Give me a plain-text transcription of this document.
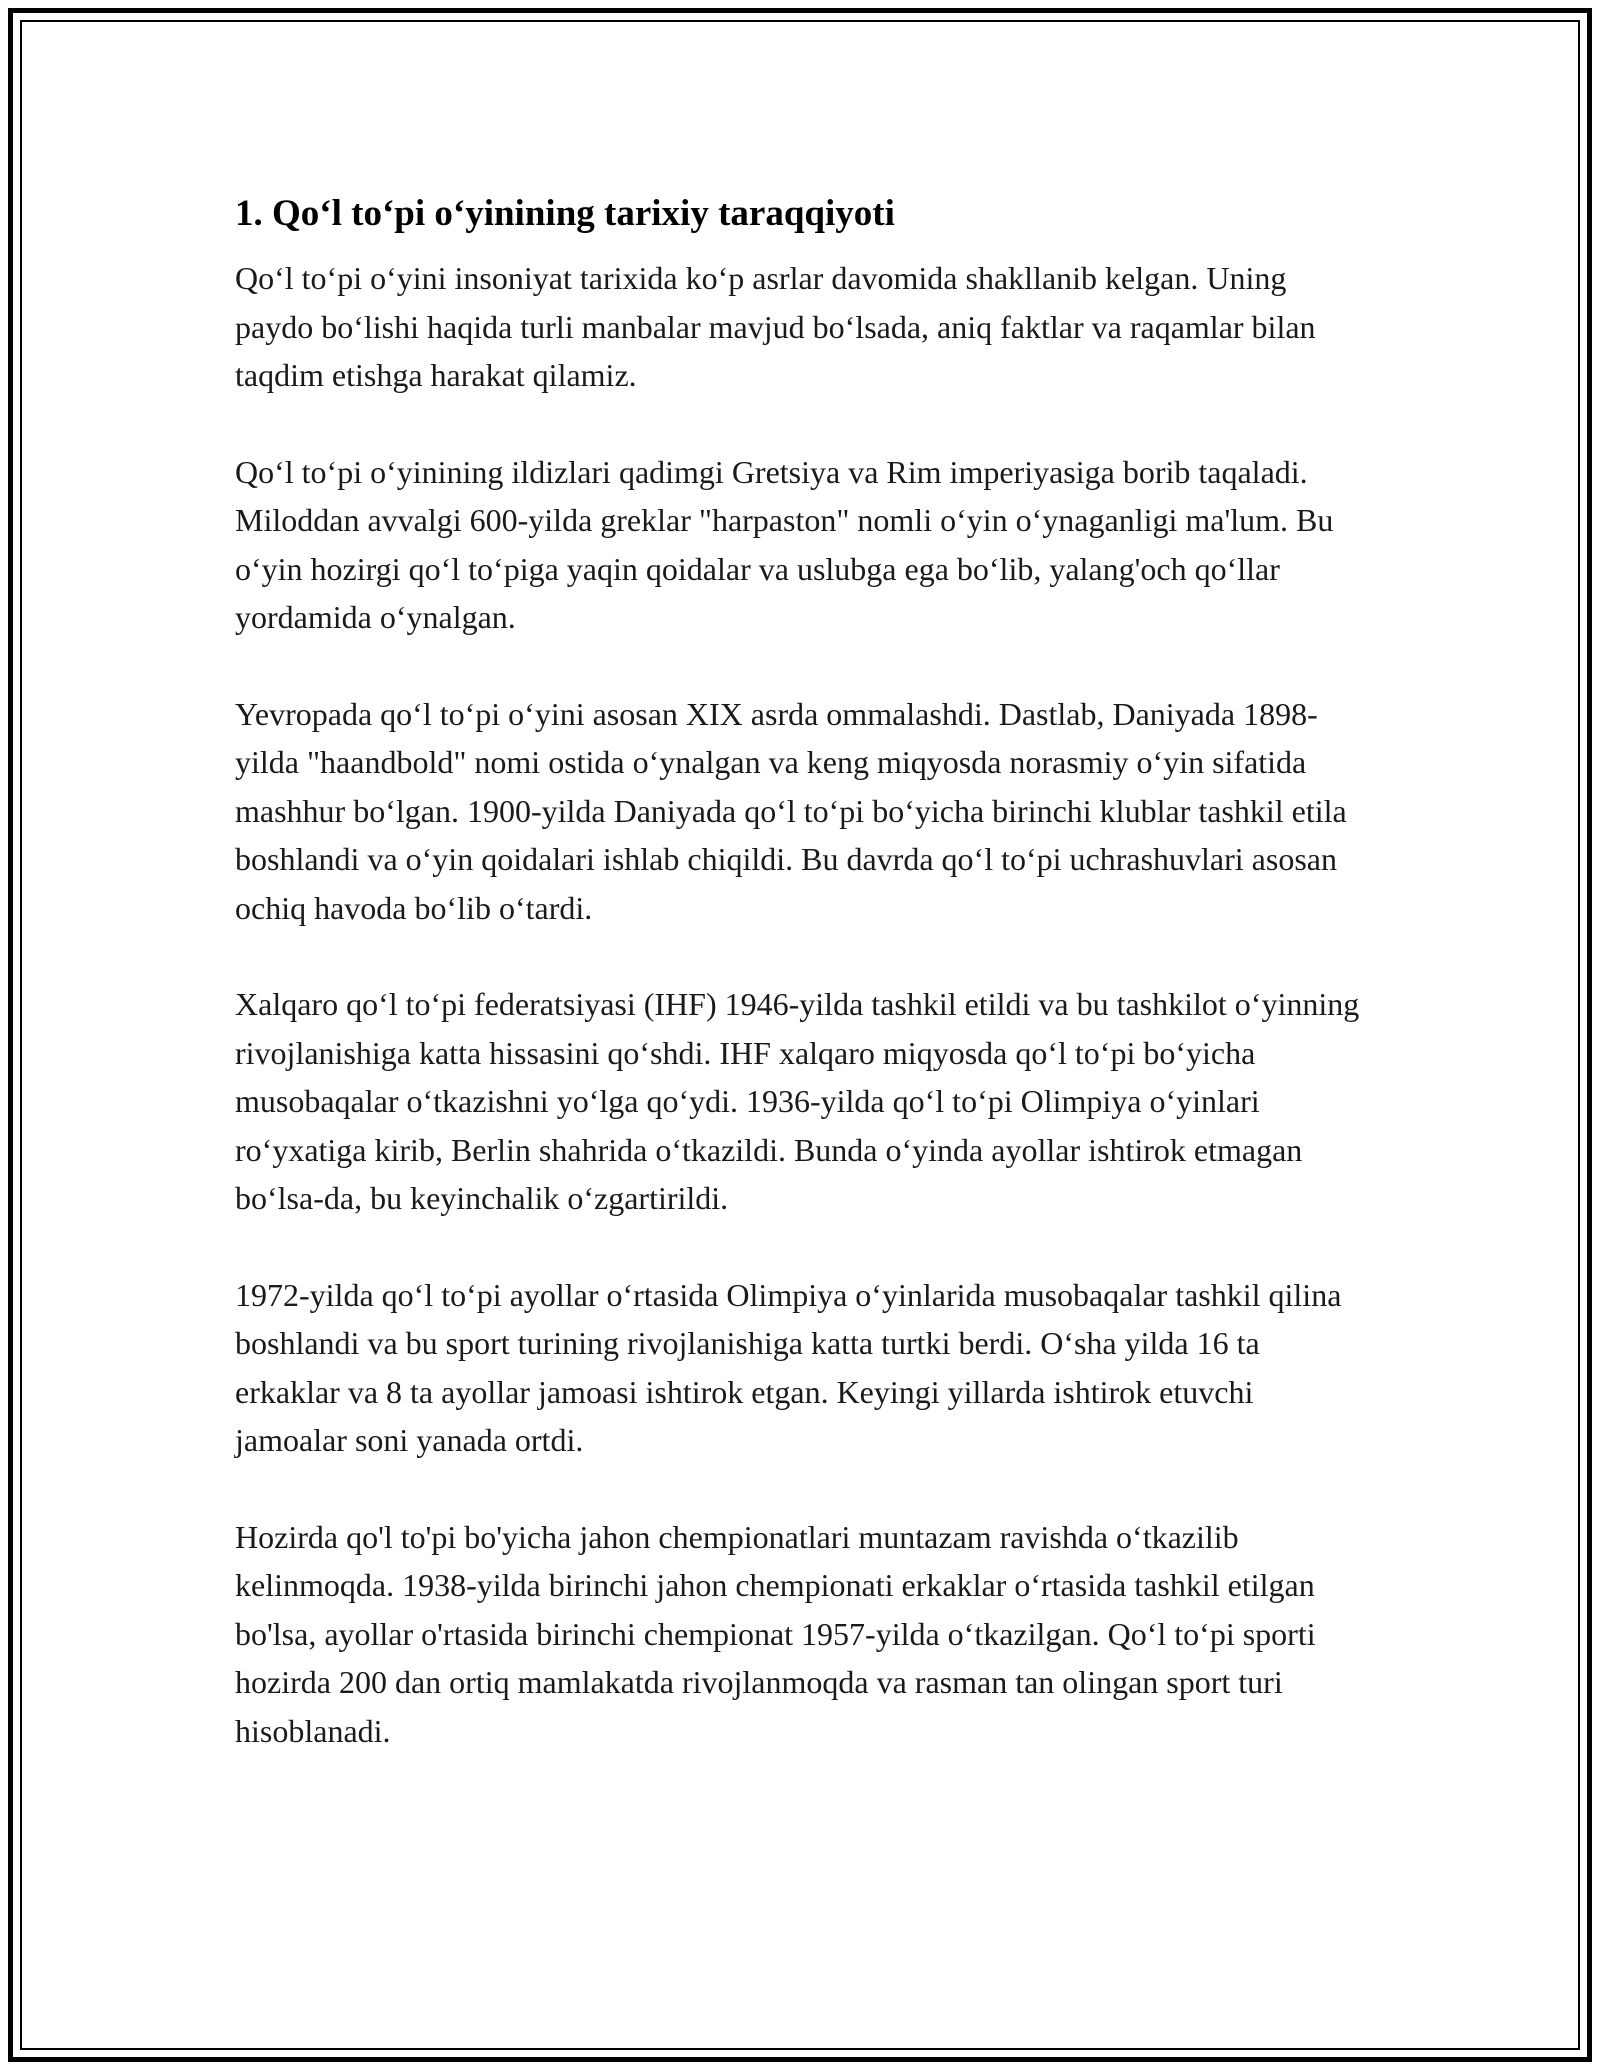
1. Qo‘l to‘pi o‘yinining tarixiy taraqqiyoti

Qo‘l to‘pi o‘yini insoniyat tarixida ko‘p asrlar davomida shakllanib kelgan. Uning paydo bo‘lishi haqida turli manbalar mavjud bo‘lsada, aniq faktlar va raqamlar bilan taqdim etishga harakat qilamiz.

Qo‘l to‘pi o‘yinining ildizlari qadimgi Gretsiya va Rim imperiyasiga borib taqaladi. Miloddan avvalgi 600-yilda greklar "harpaston" nomli o‘yin o‘ynaganligi ma'lum. Bu o‘yin hozirgi qo‘l to‘piga yaqin qoidalar va uslubga ega bo‘lib, yalang'och qo‘llar yordamida o‘ynalgan.

Yevropada qo‘l to‘pi o‘yini asosan XIX asrda ommalashdi. Dastlab, Daniyada 1898-yilda "haandbold" nomi ostida o‘ynalgan va keng miqyosda norasmiy o‘yin sifatida mashhur bo‘lgan. 1900-yilda Daniyada qo‘l to‘pi bo‘yicha birinchi klublar tashkil etila boshlandi va o‘yin qoidalari ishlab chiqildi. Bu davrda qo‘l to‘pi uchrashuvlari asosan ochiq havoda bo‘lib o‘tardi.

Xalqaro qo‘l to‘pi federatsiyasi (IHF) 1946-yilda tashkil etildi va bu tashkilot o‘yinning rivojlanishiga katta hissasini qo‘shdi. IHF xalqaro miqyosda qo‘l to‘pi bo‘yicha musobaqalar o‘tkazishni yo‘lga qo‘ydi. 1936-yilda qo‘l to‘pi Olimpiya o‘yinlari ro‘yxatiga kirib, Berlin shahrida o‘tkazildi. Bunda o‘yinda ayollar ishtirok etmagan bo‘lsa-da, bu keyinchalik o‘zgartirildi.

1972-yilda qo‘l to‘pi ayollar o‘rtasida Olimpiya o‘yinlarida musobaqalar tashkil qilina boshlandi va bu sport turining rivojlanishiga katta turtki berdi. O‘sha yilda 16 ta erkaklar va 8 ta ayollar jamoasi ishtirok etgan. Keyingi yillarda ishtirok etuvchi jamoalar soni yanada ortdi.

Hozirda qo'l to'pi bo'yicha jahon chempionatlari muntazam ravishda o‘tkazilib kelinmoqda. 1938-yilda birinchi jahon chempionati erkaklar o‘rtasida tashkil etilgan bo'lsa, ayollar o'rtasida birinchi chempionat 1957-yilda o‘tkazilgan. Qo‘l to‘pi sporti hozirda 200 dan ortiq mamlakatda rivojlanmoqda va rasman tan olingan sport turi hisoblanadi.
